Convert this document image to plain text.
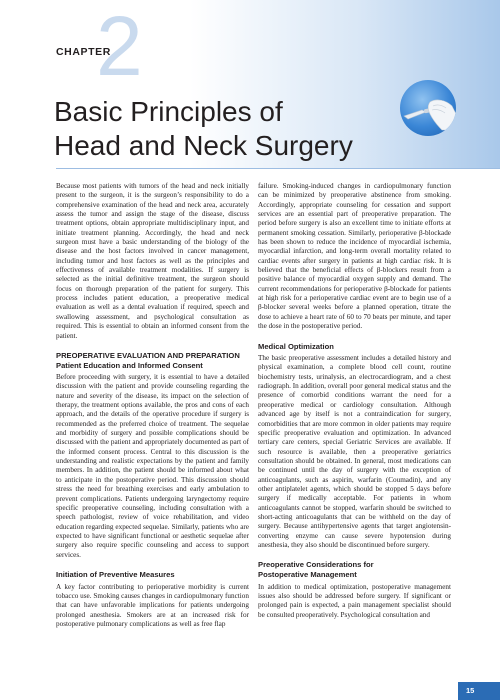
2
CHAPTER
Basic Principles of
Head and Neck Surgery

Because most patients with tumors of the head and neck initially present to the surgeon, it is the surgeon’s responsibility to do a comprehensive examination of the head and neck area, accurately assess the tumor and assign the stage of the disease, discuss treatment options, obtain appropriate multidisciplinary input, and initiate treatment planning. Accordingly, the head and neck surgeon must have a basic understanding of the biology of the disease and the host factors involved in cancer management, including tumor and host factors as well as the principles and effectiveness of available treatment modalities. If surgery is selected as the initial definitive treatment, the surgeon should focus on thorough preparation of the patient for surgery. This process includes patient education, a preoperative medical evaluation as well as a dental evaluation if required, speech and swallowing assessment, and psychological consultation as required. This is essential to obtain an informed consent from the patient.

PREOPERATIVE EVALUATION AND PREPARATION
Patient Education and Informed Consent

Before proceeding with surgery, it is essential to have a detailed discussion with the patient and provide counseling regarding the nature and severity of the disease, its impact on the selection of therapy, the treatment options available, the pros and cons of each approach, and the details of the operative procedure if surgery is recommended as the preferred choice of treatment. The sequelae and morbidity of surgery and possible complications should be discussed with the patient and appropriately documented as part of the informed consent process. Central to this discussion is the understanding and realistic expectations by the patient and family members. In addition, the patient should be informed about what to anticipate in the postoperative period. This discussion should stress the need for breathing exercises and early ambulation to prevent complications. Patients undergoing laryngectomy require specific preoperative counseling, including consultation with a speech pathologist, review of voice rehabilitation, and video education regarding expected sequelae. Similarly, patients who are expected to have significant functional or aesthetic sequelae after surgery also require specific counseling and access to support services.

Initiation of Preventive Measures

A key factor contributing to perioperative morbidity is current tobacco use. Smoking causes changes in cardiopulmonary function that can have unfavorable implications for patients undergoing prolonged anesthesia. Smokers are at an increased risk for postoperative pulmonary complications as well as free flap

failure. Smoking-induced changes in cardiopulmonary function can be minimized by preoperative abstinence from smoking. Accordingly, appropriate counseling for cessation and support services are an essential part of preoperative preparation. The period before surgery is also an excellent time to initiate efforts at permanent smoking cessation. Similarly, perioperative β-blockade has been shown to reduce the incidence of myocardial ischemia, myocardial infarction, and long-term overall mortality related to cardiac events after surgery in patients at high cardiac risk. It is believed that the beneficial effects of β-blockers result from a positive balance of myocardial oxygen supply and demand. The current recommendations for perioperative β-blockade for patients at high risk for a perioperative cardiac event are to begin use of a β-blocker several weeks before a planned operation, titrate the dose to achieve a heart rate of 60 to 70 beats per minute, and taper the dose in the postoperative period.

Medical Optimization

The basic preoperative assessment includes a detailed history and physical examination, a complete blood cell count, routine biochemistry tests, urinalysis, an electrocardiogram, and a chest radiograph. In addition, overall poor general medical status and the presence of comorbid conditions warrant the need for a preoperative medical or cardiology consultation. Although advanced age by itself is not a contraindication for surgery, comorbidities that are more common in older patients may require specific preoperative evaluation and optimization. In advanced tertiary care centers, special Geriatric Services are available. If such resource is available, then a preoperative geriatrics consultation should be obtained. In general, most medications can be continued until the day of surgery with the exception of anticoagulants, such as aspirin, warfarin (Coumadin), and any other antiplatelet agents, which should be stopped 5 days before surgery if medically acceptable. For patients in whom anticoagulants cannot be stopped, warfarin should be switched to short-acting anticoagulants that can be withheld on the day of surgery. Because antihypertensive agents that target angiotensin-converting enzyme can cause severe hypotension during anesthesia, they also should be discontinued before surgery.

Preoperative Considerations for
Postoperative Management

In addition to medical optimization, postoperative management issues also should be addressed before surgery. If significant or prolonged pain is expected, a pain management specialist should be consulted preoperatively. Psychological consultation and

15
